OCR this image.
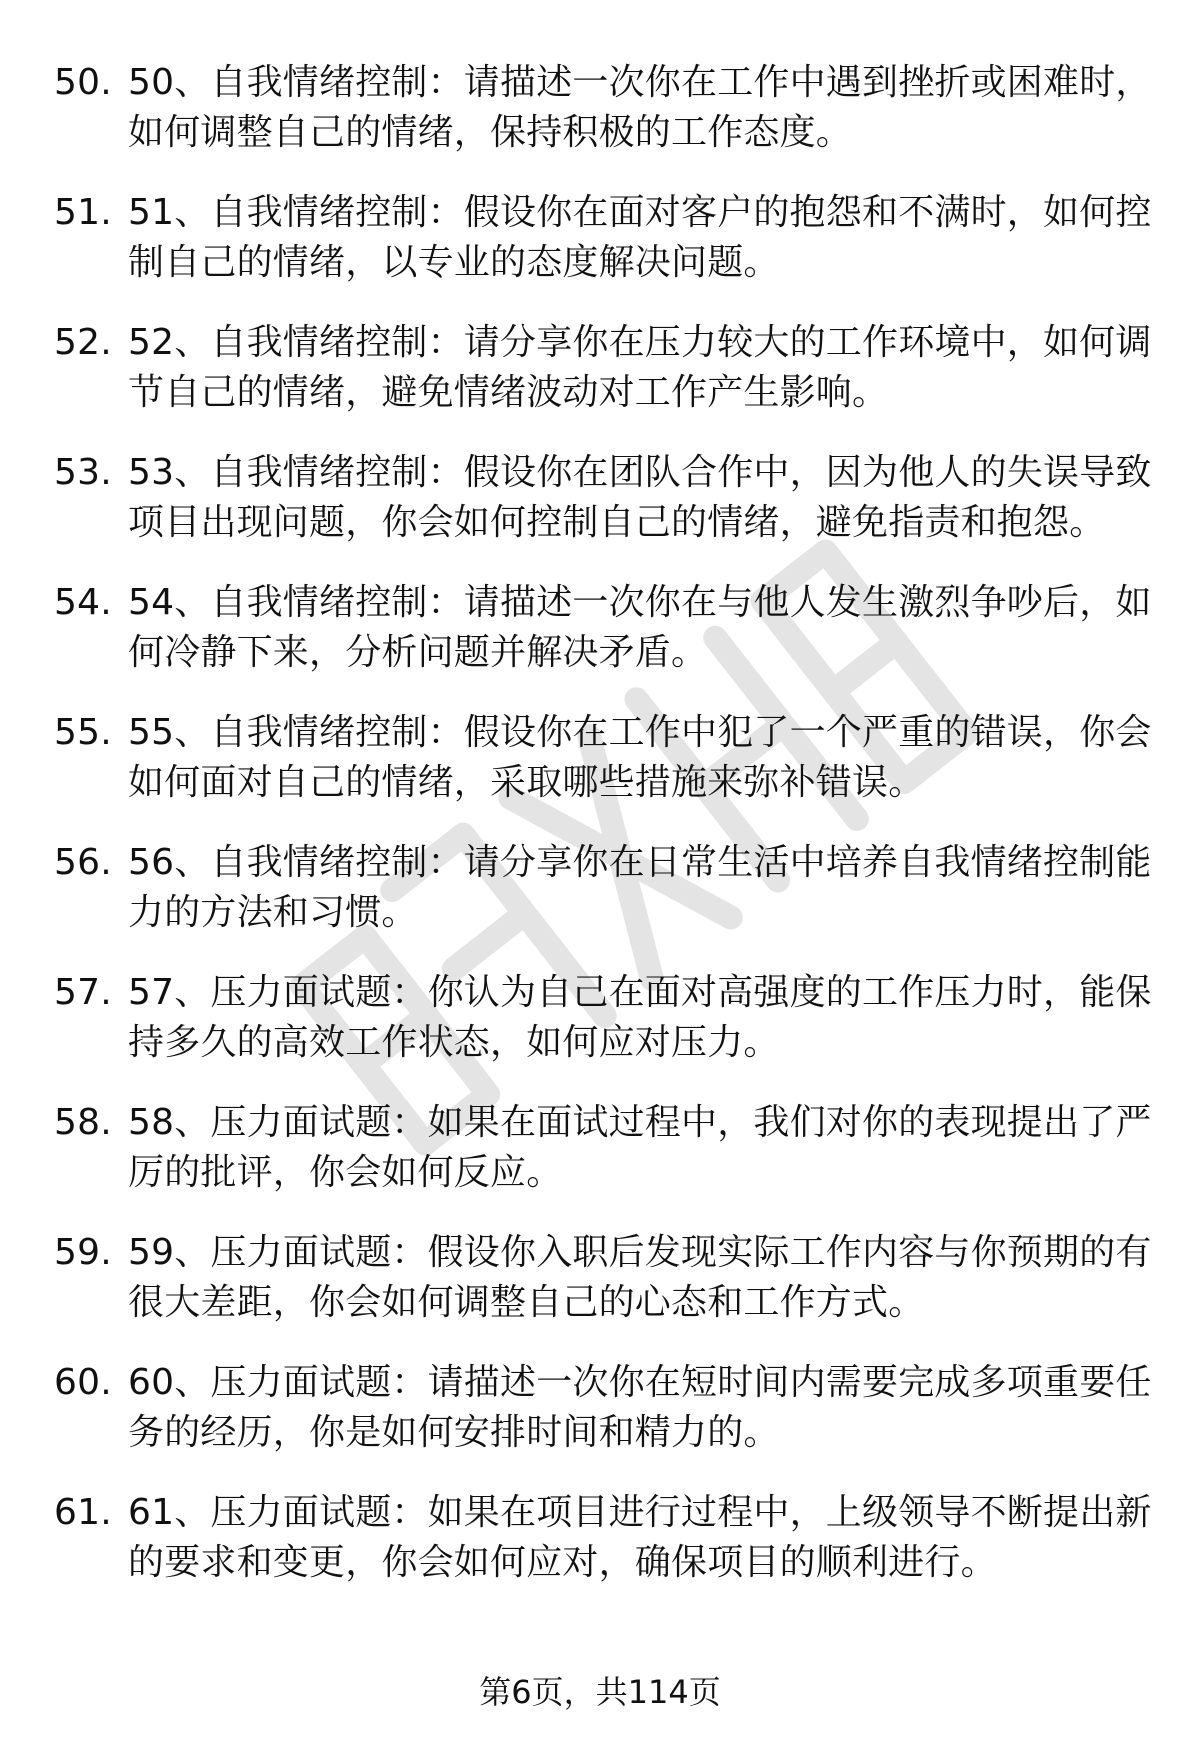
50. 50、自我情绪控制：请描述一次你在工作中遇到挫折或困难时，如何调整自己的情绪，保持积极的工作态度。
51. 51、自我情绪控制：假设你在面对客户的抱怨和不满时，如何控制自己的情绪，以专业的态度解决问题。
52. 52、自我情绪控制：请分享你在压力较大的工作环境中，如何调节自己的情绪，避免情绪波动对工作产生影响。
53. 53、自我情绪控制：假设你在团队合作中，因为他人的失误导致项目出现问题，你会如何控制自己的情绪，避免指责和抱怨。
54. 54、自我情绪控制：请描述一次你在与他人发生激烈争吵后，如何冷静下来，分析问题并解决矛盾。
55. 55、自我情绪控制：假设你在工作中犯了一个严重的错误，你会如何面对自己的情绪，采取哪些措施来弥补错误。
56. 56、自我情绪控制：请分享你在日常生活中培养自我情绪控制能力的方法和习惯。
57. 57、压力面试题：你认为自己在面对高强度的工作压力时，能保持多久的高效工作状态，如何应对压力。
58. 58、压力面试题：如果在面试过程中，我们对你的表现提出了严厉的批评，你会如何反应。
59. 59、压力面试题：假设你入职后发现实际工作内容与你预期的有很大差距，你会如何调整自己的心态和工作方式。
60. 60、压力面试题：请描述一次你在短时间内需要完成多项重要任务的经历，你是如何安排时间和精力的。
61. 61、压力面试题：如果在项目进行过程中，上级领导不断提出新的要求和变更，你会如何应对，确保项目的顺利进行。
第6页，共114页
